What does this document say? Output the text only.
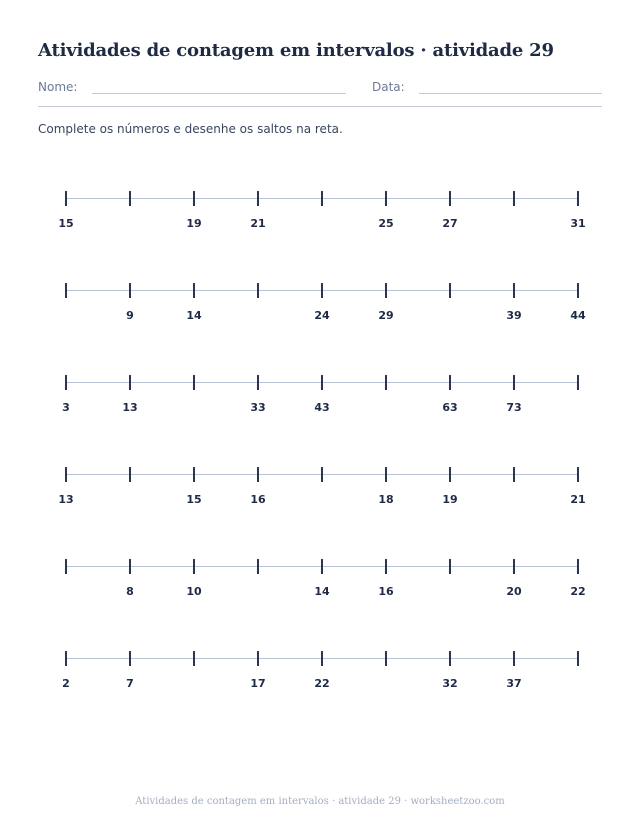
Atividades de contagem em intervalos · atividade 29
Nome:	Data:
Complete os números e desenhe os saltos na reta.
15	19	21	25	27	31
9	14	24	29	39	44
3	13	33	43	63	73
13	15	16	18	19	21
8	10	14	16	20	22
2	7	17	22	32	37
Atividades de contagem em intervalos · atividade 29 · worksheetzoo.com
